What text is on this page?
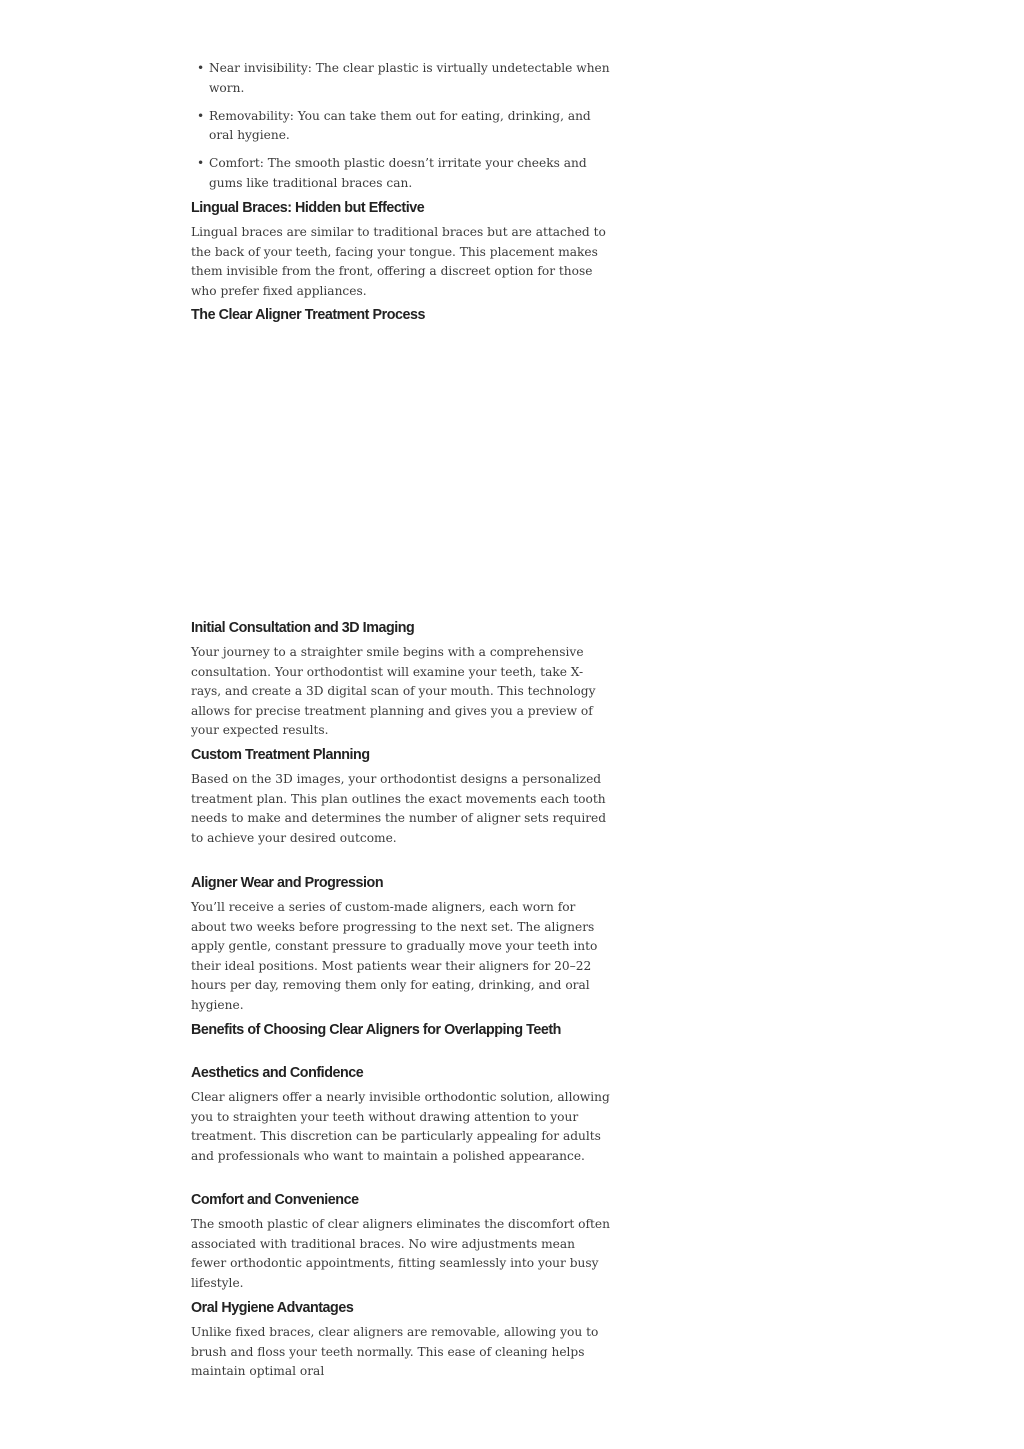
• Near invisibility: The clear plastic is virtually undetectable when worn.
• Removability: You can take them out for eating, drinking, and oral hygiene.
• Comfort: The smooth plastic doesn’t irritate your cheeks and gums like traditional braces can.
Lingual Braces: Hidden but Effective

Lingual braces are similar to traditional braces but are attached to the back of your teeth, facing your tongue. This placement makes them invisible from the front, offering a discreet option for those who prefer fixed appliances.

The Clear Aligner Treatment Process
Initial Consultation and 3D Imaging

Your journey to a straighter smile begins with a comprehensive consultation. Your orthodontist will examine your teeth, take X-rays, and create a 3D digital scan of your mouth. This technology allows for precise treatment planning and gives you a preview of your expected results.

Custom Treatment Planning

Based on the 3D images, your orthodontist designs a personalized treatment plan. This plan outlines the exact movements each tooth needs to make and determines the number of aligner sets required to achieve your desired outcome.

Aligner Wear and Progression

You’ll receive a series of custom-made aligners, each worn for about two weeks before progressing to the next set. The aligners apply gentle, constant pressure to gradually move your teeth into their ideal positions. Most patients wear their aligners for 20–22 hours per day, removing them only for eating, drinking, and oral hygiene.

Benefits of Choosing Clear Aligners for Overlapping Teeth
Aesthetics and Confidence

Clear aligners offer a nearly invisible orthodontic solution, allowing you to straighten your teeth without drawing attention to your treatment. This discretion can be particularly appealing for adults and professionals who want to maintain a polished appearance.

Comfort and Convenience

The smooth plastic of clear aligners eliminates the discomfort often associated with traditional braces. No wire adjustments mean fewer orthodontic appointments, fitting seamlessly into your busy lifestyle.

Oral Hygiene Advantages

Unlike fixed braces, clear aligners are removable, allowing you to brush and floss your teeth normally. This ease of cleaning helps maintain optimal oral
